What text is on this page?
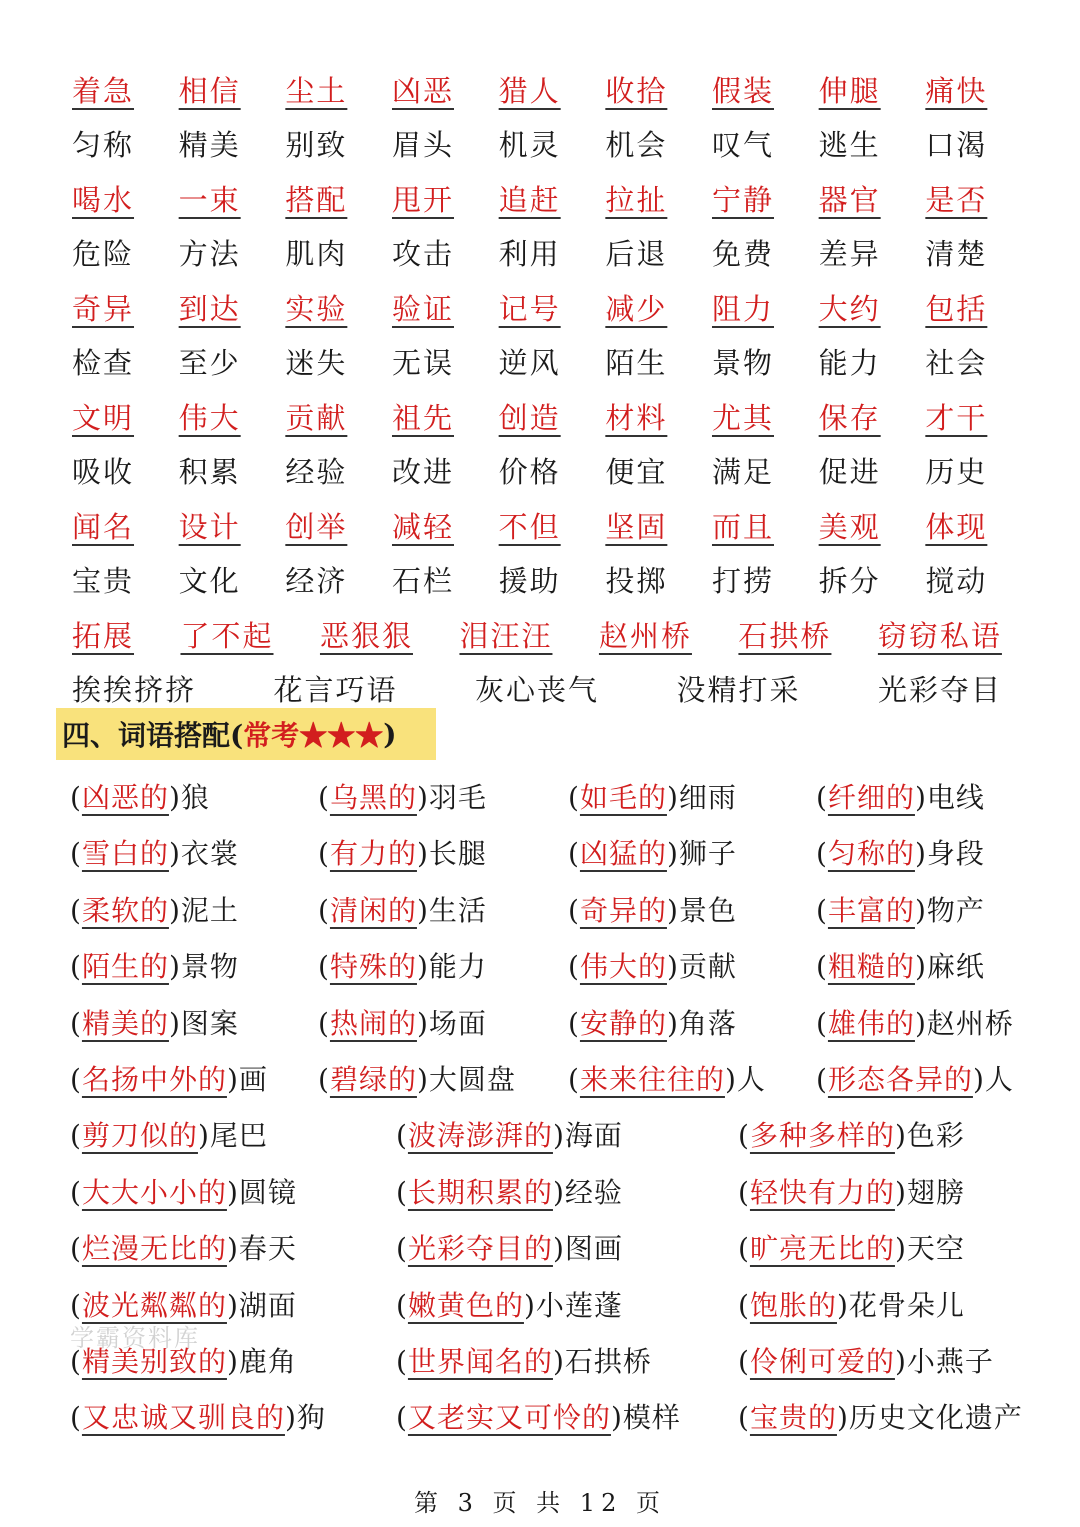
着急	相信	尘土	凶恶	猎人	收拾	假装	伸腿	痛快
匀称	精美	别致	眉头	机灵	机会	叹气	逃生	口渴
喝水	一束	搭配	甩开	追赶	拉扯	宁静	器官	是否
危险	方法	肌肉	攻击	利用	后退	免费	差异	清楚
奇异	到达	实验	验证	记号	减少	阻力	大约	包括
检查	至少	迷失	无误	逆风	陌生	景物	能力	社会
文明	伟大	贡献	祖先	创造	材料	尤其	保存	才干
吸收	积累	经验	改进	价格	便宜	满足	促进	历史
闻名	设计	创举	减轻	不但	坚固	而且	美观	体现
宝贵	文化	经济	石栏	援助	投掷	打捞	拆分	搅动
拓展 了不起 恶狠狠 泪汪汪 赵州桥 石拱桥 窃窃私语
挨挨挤挤	花言巧语	灰心丧气	没精打采	光彩夺目
四、词语搭配( 常考★★★ )
(凶恶的)狼	(乌黑的)羽毛	(如毛的)细雨	(纤细的)电线
(雪白的)衣裳	(有力的)长腿	(凶猛的)狮子	(匀称的)身段
(柔软的)泥土	(清闲的)生活	(奇异的)景色	(丰富的)物产
(陌生的)景物	(特殊的)能力	(伟大的)贡献	(粗糙的)麻纸
(精美的)图案	(热闹的)场面	(安静的)角落	(雄伟的)赵州桥
(名扬中外的)画 (碧绿的)大圆盘 (来来往往的)人 (形态各异的)人
(剪刀似的)尾巴	(波涛澎湃的)海面	(多种多样的)色彩
(大大小小的)圆镜	(长期积累的)经验	(轻快有力的)翅膀
(烂漫无比的)春天	(光彩夺目的)图画	(旷亮无比的)天空
(波光粼粼的)湖面	(嫩黄色的)小莲蓬	(饱胀的)花骨朵儿
(精美别致的)鹿角	(世界闻名的)石拱桥	(伶俐可爱的)小燕子
(又忠诚又驯良的)狗	(又老实又可怜的)模样 (宝贵的)历史文化遗产
学霸资料库
第 3 页 共 12 页
